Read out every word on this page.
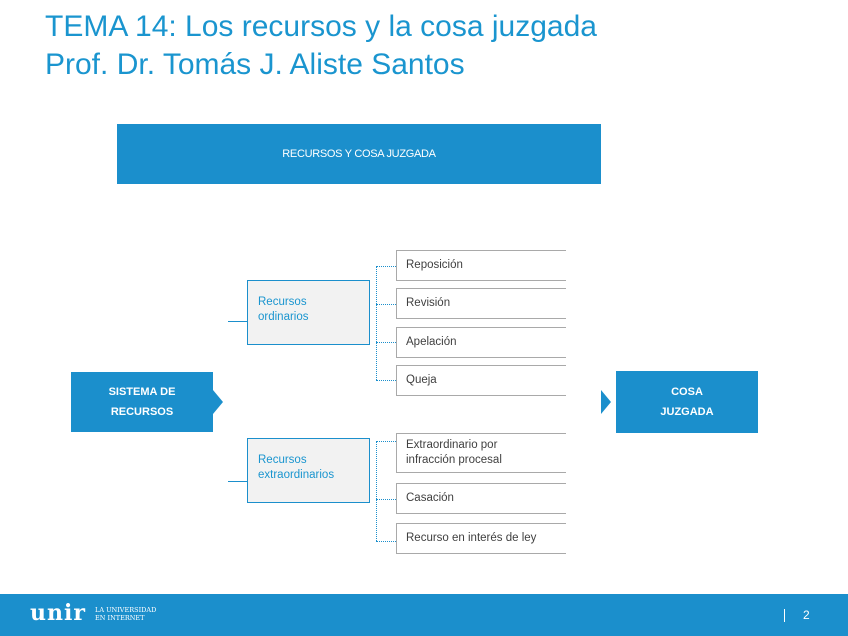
TEMA 14: Los recursos y la cosa juzgada
Prof. Dr. Tomás J. Aliste Santos
RECURSOS Y COSA JUZGADA
SISTEMA DE
RECURSOS
COSA
JUZGADA
Recursos
ordinarios
Reposición
Revisión
Apelación
Queja
Recursos
extraordinarios
Extraordinario por
infracción procesal
Casación
Recurso en interés de ley
unir LA UNIVERSIDAD
EN INTERNET	2
